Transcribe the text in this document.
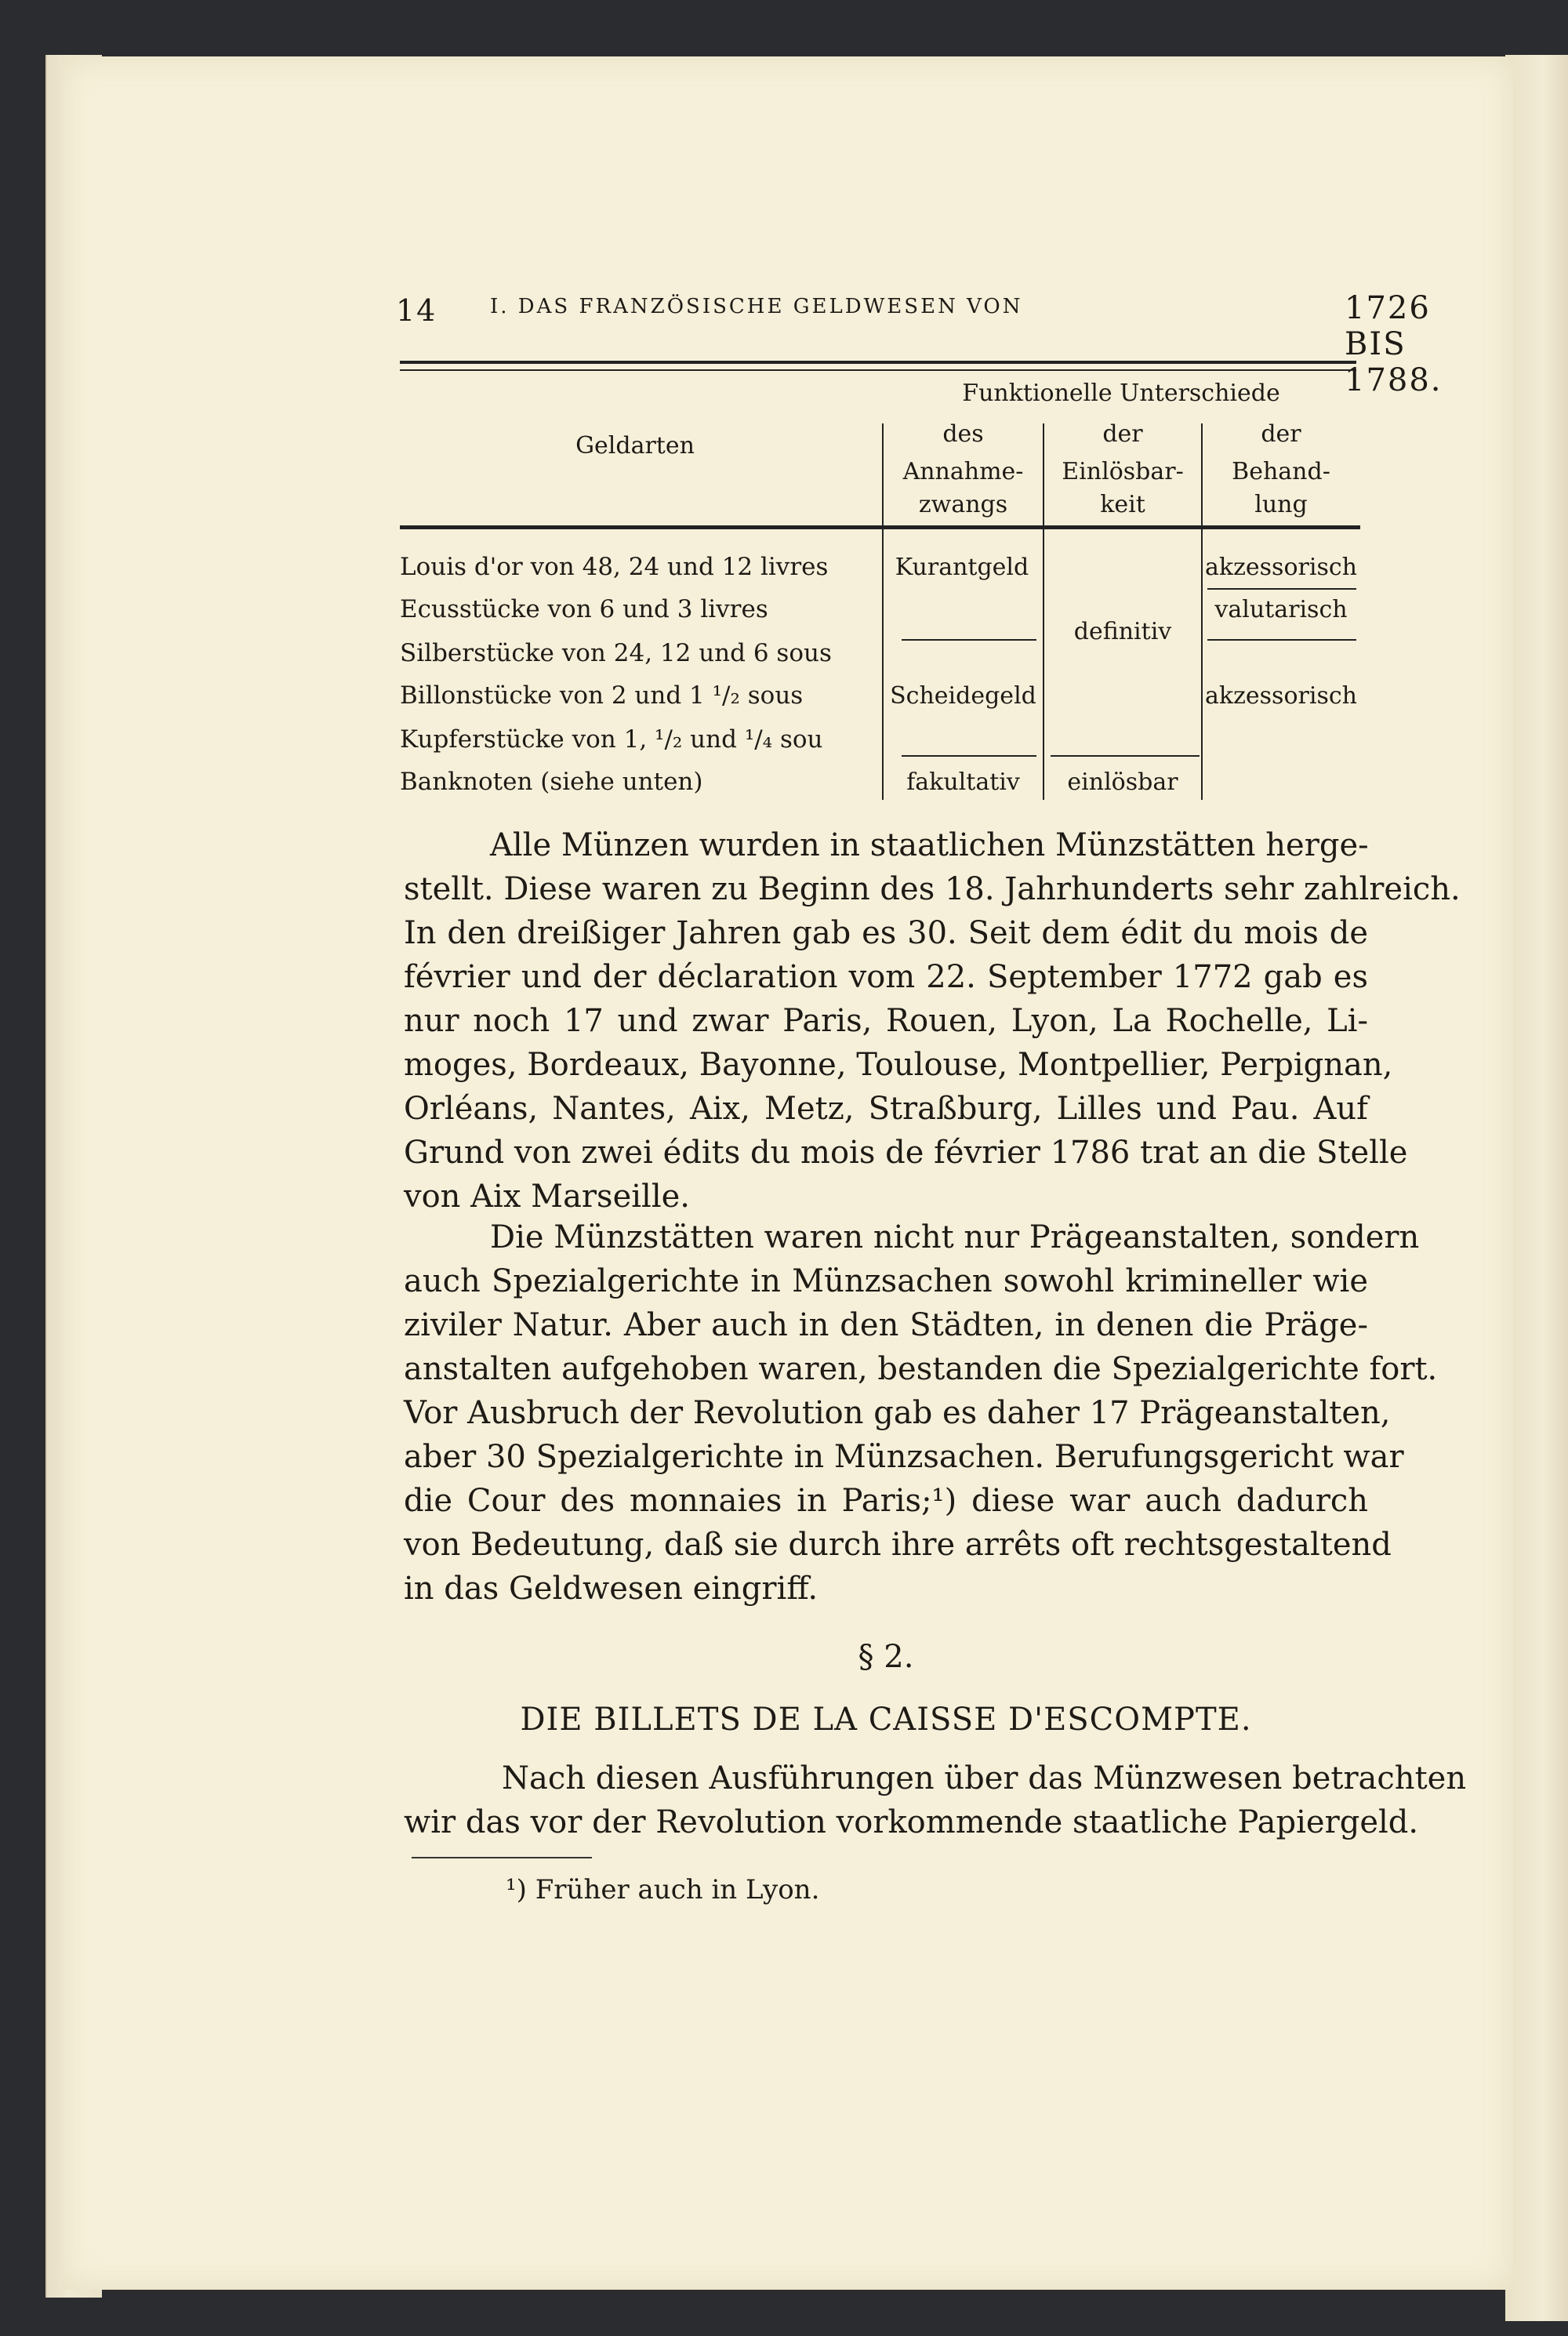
14	I. DAS FRANZÖSISCHE GELDWESEN VON	1726 BIS 1788.
Geldarten
Funktionelle Unterschiede
des
Annahme-
zwangs
der
Einlösbar-
keit
der
Behand-
lung
Louis d'or von 48, 24 und 12 livres
Ecusstücke von 6 und 3 livres
Silberstücke von 24, 12 und 6 sous
Billonstücke von 2 und 1 ¹/₂ sous
Kupferstücke von 1, ¹/₂ und ¹/₄ sou
Banknoten (siehe unten)
Kurantgeld
Scheidegeld
fakultativ
definitiv
einlösbar
akzessorisch
valutarisch
akzessorisch
Alle Münzen wurden in staatlichen Münzstätten herge-
stellt. Diese waren zu Beginn des 18. Jahrhunderts sehr zahlreich.
In den dreißiger Jahren gab es 30. Seit dem édit du mois de
février und der déclaration vom 22. September 1772 gab es
nur noch 17 und zwar Paris, Rouen, Lyon, La Rochelle, Li-
moges, Bordeaux, Bayonne, Toulouse, Montpellier, Perpignan,
Orléans, Nantes, Aix, Metz, Straßburg, Lilles und Pau. Auf
Grund von zwei édits du mois de février 1786 trat an die Stelle
von Aix Marseille.
Die Münzstätten waren nicht nur Prägeanstalten, sondern
auch Spezialgerichte in Münzsachen sowohl krimineller wie
ziviler Natur. Aber auch in den Städten, in denen die Präge-
anstalten aufgehoben waren, bestanden die Spezialgerichte fort.
Vor Ausbruch der Revolution gab es daher 17 Prägeanstalten,
aber 30 Spezialgerichte in Münzsachen. Berufungsgericht war
die Cour des monnaies in Paris;¹) diese war auch dadurch
von Bedeutung, daß sie durch ihre arrêts oft rechtsgestaltend
in das Geldwesen eingriff.
§ 2.
DIE BILLETS DE LA CAISSE D'ESCOMPTE.
Nach diesen Ausführungen über das Münzwesen betrachten
wir das vor der Revolution vorkommende staatliche Papiergeld.
¹) Früher auch in Lyon.
